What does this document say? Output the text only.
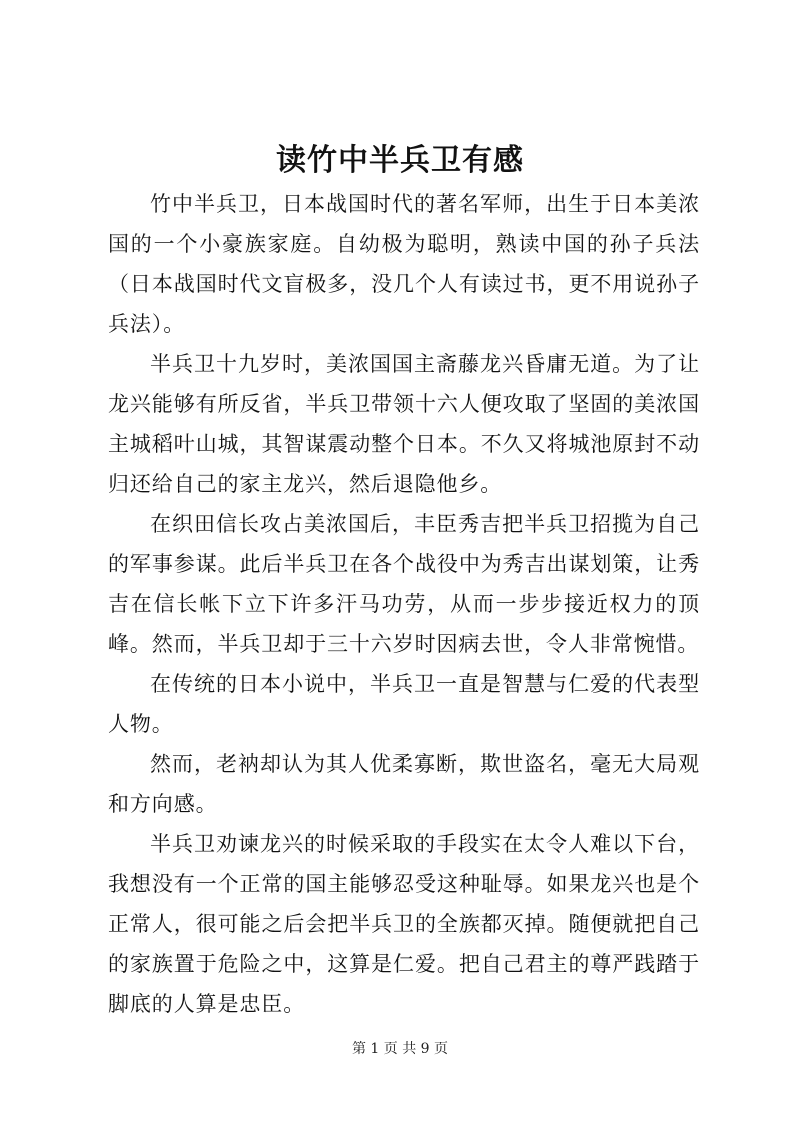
读竹中半兵卫有感

竹中半兵卫，日本战国时代的著名军师，出生于日本美浓国的一个小豪族家庭。自幼极为聪明，熟读中国的孙子兵法（日本战国时代文盲极多，没几个人有读过书，更不用说孙子兵法）。

半兵卫十九岁时，美浓国国主斋藤龙兴昏庸无道。为了让龙兴能够有所反省，半兵卫带领十六人便攻取了坚固的美浓国主城稻叶山城，其智谋震动整个日本。不久又将城池原封不动归还给自己的家主龙兴，然后退隐他乡。

在织田信长攻占美浓国后，丰臣秀吉把半兵卫招揽为自己的军事参谋。此后半兵卫在各个战役中为秀吉出谋划策，让秀吉在信长帐下立下许多汗马功劳，从而一步步接近权力的顶峰。然而，半兵卫却于三十六岁时因病去世，令人非常惋惜。

在传统的日本小说中，半兵卫一直是智慧与仁爱的代表型人物。

然而，老衲却认为其人优柔寡断，欺世盗名，毫无大局观和方向感。

半兵卫劝谏龙兴的时候采取的手段实在太令人难以下台，我想没有一个正常的国主能够忍受这种耻辱。如果龙兴也是个正常人，很可能之后会把半兵卫的全族都灭掉。随便就把自己的家族置于危险之中，这算是仁爱。把自己君主的尊严践踏于脚底的人算是忠臣。

第 1 页 共 9 页
